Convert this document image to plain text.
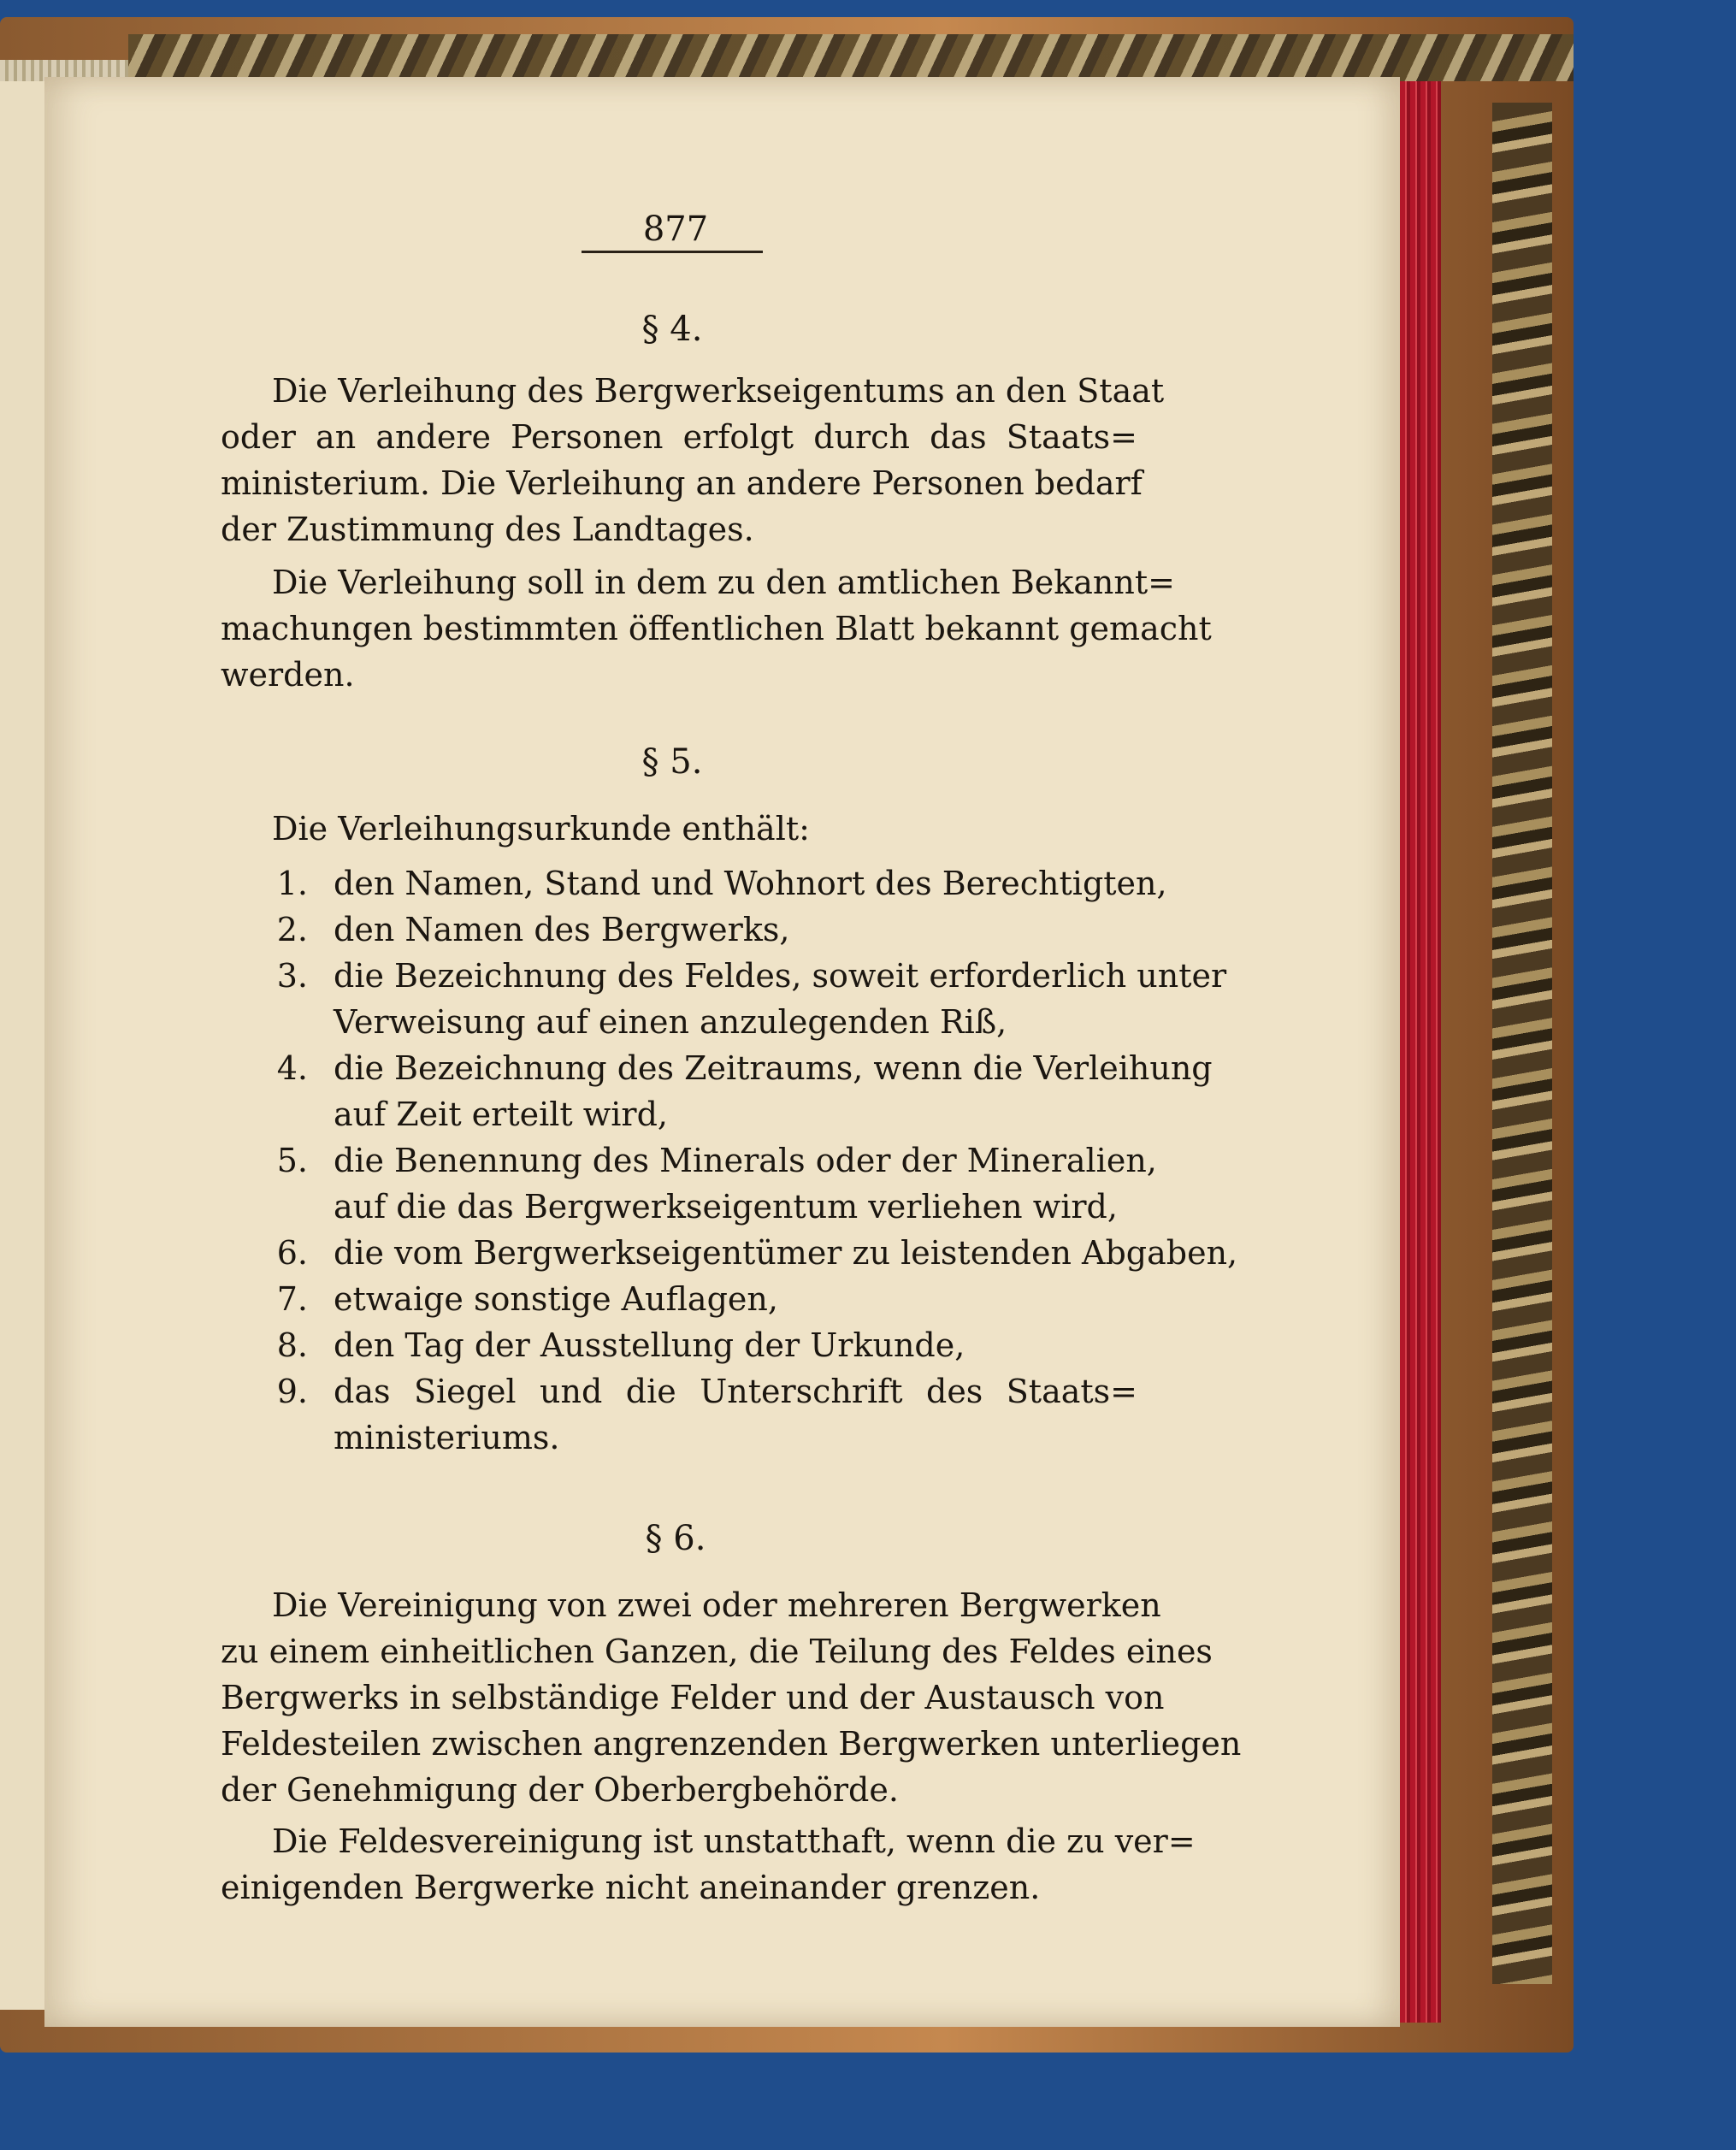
877
§ 4.
Die Verleihung des Bergwerkseigentums an den Staat
oder an andere Personen erfolgt durch das Staats=
ministerium. Die Verleihung an andere Personen bedarf
der Zustimmung des Landtages.
Die Verleihung soll in dem zu den amtlichen Bekannt=
machungen bestimmten öffentlichen Blatt bekannt gemacht
werden.
§ 5.
Die Verleihungsurkunde enthält:
1. den Namen, Stand und Wohnort des Berechtigten,
2. den Namen des Bergwerks,
3. die Bezeichnung des Feldes, soweit erforderlich unter
Verweisung auf einen anzulegenden Riß,
4. die Bezeichnung des Zeitraums, wenn die Verleihung
auf Zeit erteilt wird,
5. die Benennung des Minerals oder der Mineralien,
auf die das Bergwerkseigentum verliehen wird,
6. die vom Bergwerkseigentümer zu leistenden Abgaben,
7. etwaige sonstige Auflagen,
8. den Tag der Ausstellung der Urkunde,
9. das Siegel und die Unterschrift des Staats=
ministeriums.
§ 6.
Die Vereinigung von zwei oder mehreren Bergwerken
zu einem einheitlichen Ganzen, die Teilung des Feldes eines
Bergwerks in selbständige Felder und der Austausch von
Feldesteilen zwischen angrenzenden Bergwerken unterliegen
der Genehmigung der Oberbergbehörde.
Die Feldesvereinigung ist unstatthaft, wenn die zu ver=
einigenden Bergwerke nicht aneinander grenzen.
